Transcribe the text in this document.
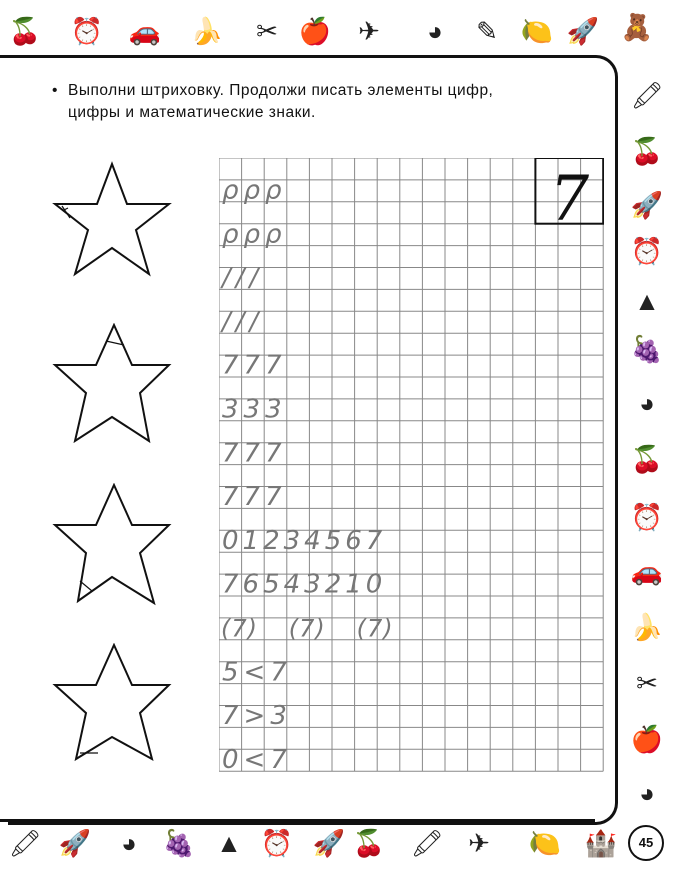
🍒 ⏰ 🚗 🍌 ✂ 🍎 ✈	◕	✎ 🍋 🚀 🧸
🖍
🍒
🚀
⏰
▲
🍇
◕
🍒
⏰
🚗
🍌
✂
🍎
◕
🖍 🚀	◕ 🍇 ▲ ⏰ 🚀 🍒 🖍 ✈ 🍋 🏰
• Выполни штриховку. Продолжи писать элементы цифр,
цифры и математические знаки.
7
ρρρ
ρρρ
///
///
777
333
777
777
01234567
76543210
(7) (7) (7)
5<7
7>3
0<7
45
